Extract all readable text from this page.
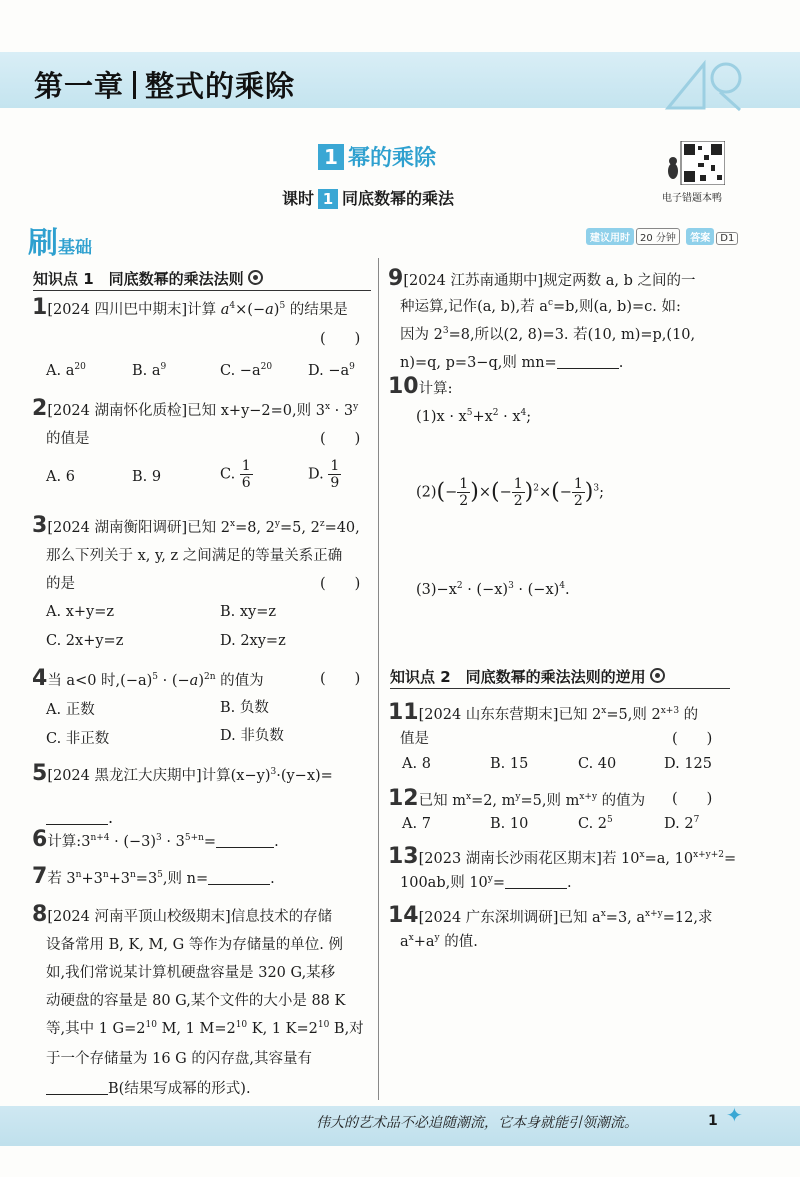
第一章 整式的乘除
1 幂的乘除
课时 1 同底数幂的乘法	电子错题本鸭
刷基础	建议用时 20 分钟 答案 D1
知识点 1　同底数幂的乘法法则
1[2024 四川巴中期末]计算 $a^4\times(-a)^5$ 的结果是
(　　)
A. $a^{20}$	B. $a^9$	C. $-a^{20}$ D. $-a^9$
2[2024 湖南怀化质检]已知 x+y−2=0,则 $3^x \cdot 3^y$
的值是	(　　)
A. 6	B. 9	C. $\frac{1}{6}$	D. $\frac{1}{9}$
3[2024 湖南衡阳调研]已知 $2^x=8$, $2^y=5$, $2^z=40$,
那么下列关于 x, y, z 之间满足的等量关系正确
的是	(　　)
A. x+y=z	B. xy=z
C. 2x+y=z	D. 2xy=z
4当 a<0 时$,(-a)^5 \cdot (-a)^{2n}$ 的值为	(　　)
A. 正数	B. 负数
C. 非正数	D. 非负数
5[2024 黑龙江大庆期中]计算$(x-y)^3\cdot(y-x)=$
.
6计算$:3^{n+4} \cdot (-3)^3 \cdot 3^{5+n}=$	.
7若 $3^n+3^n+3^n=3^5$,则 n=	.
8[2024 河南平顶山校级期末]信息技术的存储
设备常用 B, K, M, G 等作为存储量的单位. 例
如,我们常说某计算机硬盘容量是 320 G,某移
动硬盘的容量是 80 G,某个文件的大小是 88 K
等,其中 1 $G=2^{10}$ M, 1 $M=2^{10}$ K, 1 $K=2^{10}$ B,对
于一个存储量为 16 G 的闪存盘,其容量有
B(结果写成幂的形式).
9[2024 江苏南通期中]规定两数 a, b 之间的一
种运算,记作(a, b),若 $a^c=b$,则(a, b)=c. 如:
因为 $2^3=8$,所以(2, 8)=3. 若(10, m)=p,(10,
n)=q, p=3−q,则 mn=	.
10计算:
$(1)x \cdot x^5+x^2 \cdot x^4$;
$(2)(- \frac{1}{2}$ )×(− $\frac{1}{2} )^2\times(- \frac{1}{2} )^3$;
$(3)-x^2 \cdot (-x)^3 \cdot (-x)^4$.
知识点 2　同底数幂的乘法法则的逆用
11[2024 山东东营期末]已知 $2^x=5$,则 $2^{x+3}$ 的
值是	(　　)
A. 8	B. 15	C. 40	D. 125
12已知 $m^x=2$, $m^y=5$,则 $m^{x+y}$ 的值为 (　　)
A. 7	B. 10	C. $2^5$	D. $2^7$
13[2023 湖南长沙雨花区期末]若 $10^x=a$, $10^{x+y+2}=$
100ab,则 $10^y=$	.
14[2024 广东深圳调研]已知 $a^x=3$, $a^{x+y}=12$,求
$a^x+a^y$ 的值.
伟大的艺术品不必追随潮流，它本身就能引领潮流。	1 ✦
